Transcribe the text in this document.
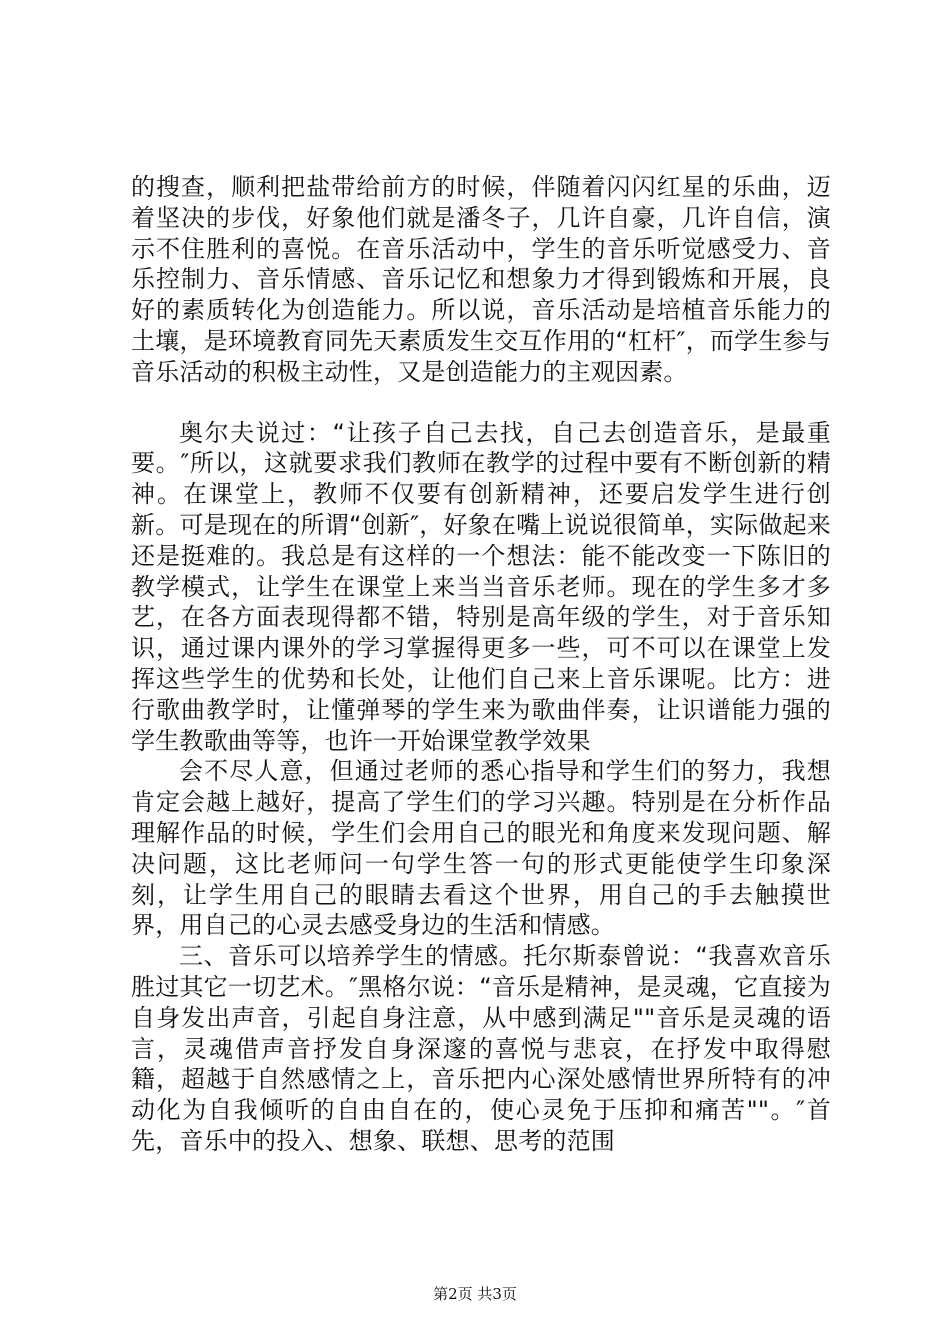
的搜查，顺利把盐带给前方的时候，伴随着闪闪红星的乐曲，迈着坚决的步伐，好象他们就是潘冬子，几许自豪，几许自信，演示不住胜利的喜悦。在音乐活动中，学生的音乐听觉感受力、音乐控制力、音乐情感、音乐记忆和想象力才得到锻炼和开展，良好的素质转化为创造能力。所以说，音乐活动是培植音乐能力的土壤，是环境教育同先天素质发生交互作用的“杠杆″，而学生参与音乐活动的积极主动性，又是创造能力的主观因素。

奥尔夫说过：“让孩子自己去找，自己去创造音乐，是最重要。″所以，这就要求我们教师在教学的过程中要有不断创新的精神。在课堂上，教师不仅要有创新精神，还要启发学生进行创新。可是现在的所谓“创新″，好象在嘴上说说很简单，实际做起来还是挺难的。我总是有这样的一个想法：能不能改变一下陈旧的教学模式，让学生在课堂上来当当音乐老师。现在的学生多才多艺，在各方面表现得都不错，特别是高年级的学生，对于音乐知识，通过课内课外的学习掌握得更多一些，可不可以在课堂上发挥这些学生的优势和长处，让他们自己来上音乐课呢。比方：进行歌曲教学时，让懂弹琴的学生来为歌曲伴奏，让识谱能力强的学生教歌曲等等，也许一开始课堂教学效果

会不尽人意，但通过老师的悉心指导和学生们的努力，我想肯定会越上越好，提高了学生们的学习兴趣。特别是在分析作品理解作品的时候，学生们会用自己的眼光和角度来发现问题、解决问题，这比老师问一句学生答一句的形式更能使学生印象深刻，让学生用自己的眼睛去看这个世界，用自己的手去触摸世界，用自己的心灵去感受身边的生活和情感。

三、音乐可以培养学生的情感。托尔斯泰曾说：“我喜欢音乐胜过其它一切艺术。″黑格尔说：“音乐是精神，是灵魂，它直接为自身发出声音，引起自身注意，从中感到满足""音乐是灵魂的语言，灵魂借声音抒发自身深邃的喜悦与悲哀，在抒发中取得慰籍，超越于自然感情之上，音乐把内心深处感情世界所特有的冲动化为自我倾听的自由自在的，使心灵免于压抑和痛苦""。″首先，音乐中的投入、想象、联想、思考的范围

第2页 共3页
